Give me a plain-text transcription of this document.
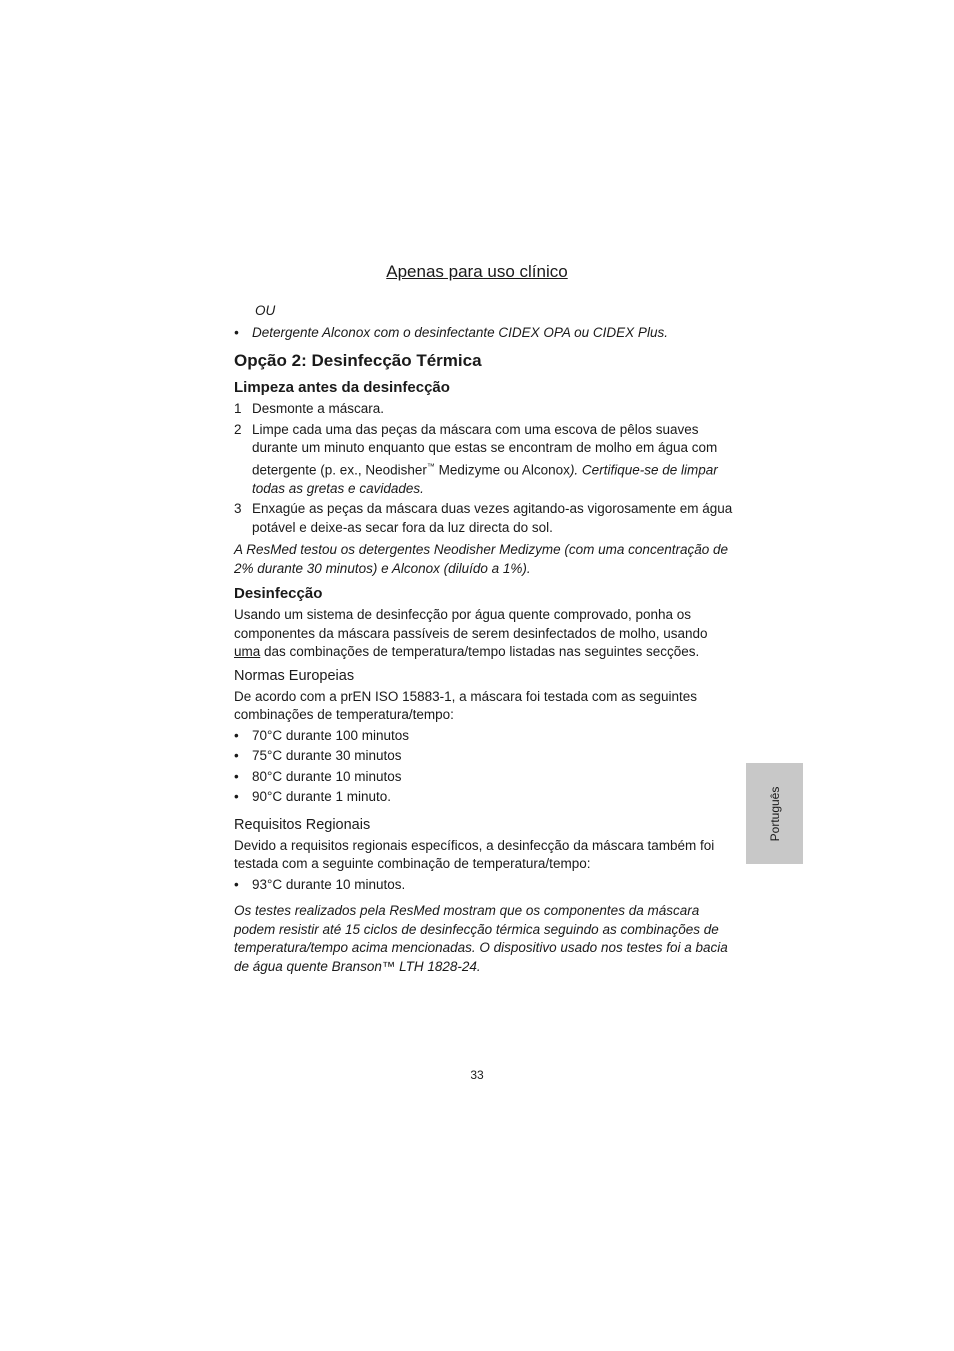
Apenas para uso clínico
OU
• Detergente Alconox com o desinfectante CIDEX OPA ou CIDEX Plus.
Opção 2: Desinfecção Térmica
Limpeza antes da desinfecção
1 Desmonte a máscara.
2 Limpe cada uma das peças da máscara com uma escova de pêlos suaves durante um minuto enquanto que estas se encontram de molho em água com detergente (p. ex., Neodisher™ Medizyme ou Alconox). Certifique-se de limpar todas as gretas e cavidades.
3 Enxagúe as peças da máscara duas vezes agitando-as vigorosamente em água potável e deixe-as secar fora da luz directa do sol.

A ResMed testou os detergentes Neodisher Medizyme (com uma concentração de 2% durante 30 minutos) e Alconox (diluído a 1%).

Desinfecção

Usando um sistema de desinfecção por água quente comprovado, ponha os componentes da máscara passíveis de serem desinfectados de molho, usando uma das combinações de temperatura/tempo listadas nas seguintes secções.

Normas Europeias

De acordo com a prEN ISO 15883-1, a máscara foi testada com as seguintes combinações de temperatura/tempo:

• 70°C durante 100 minutos
• 75°C durante 30 minutos
• 80°C durante 10 minutos
• 90°C durante 1 minuto.
Requisitos Regionais

Devido a requisitos regionais específicos, a desinfecção da máscara também foi testada com a seguinte combinação de temperatura/tempo:

• 93°C durante 10 minutos.

Os testes realizados pela ResMed mostram que os componentes da máscara podem resistir até 15 ciclos de desinfecção térmica seguindo as combinações de temperatura/tempo acima mencionadas. O dispositivo usado nos testes foi a bacia de água quente Branson™ LTH 1828-24.

33
Português
